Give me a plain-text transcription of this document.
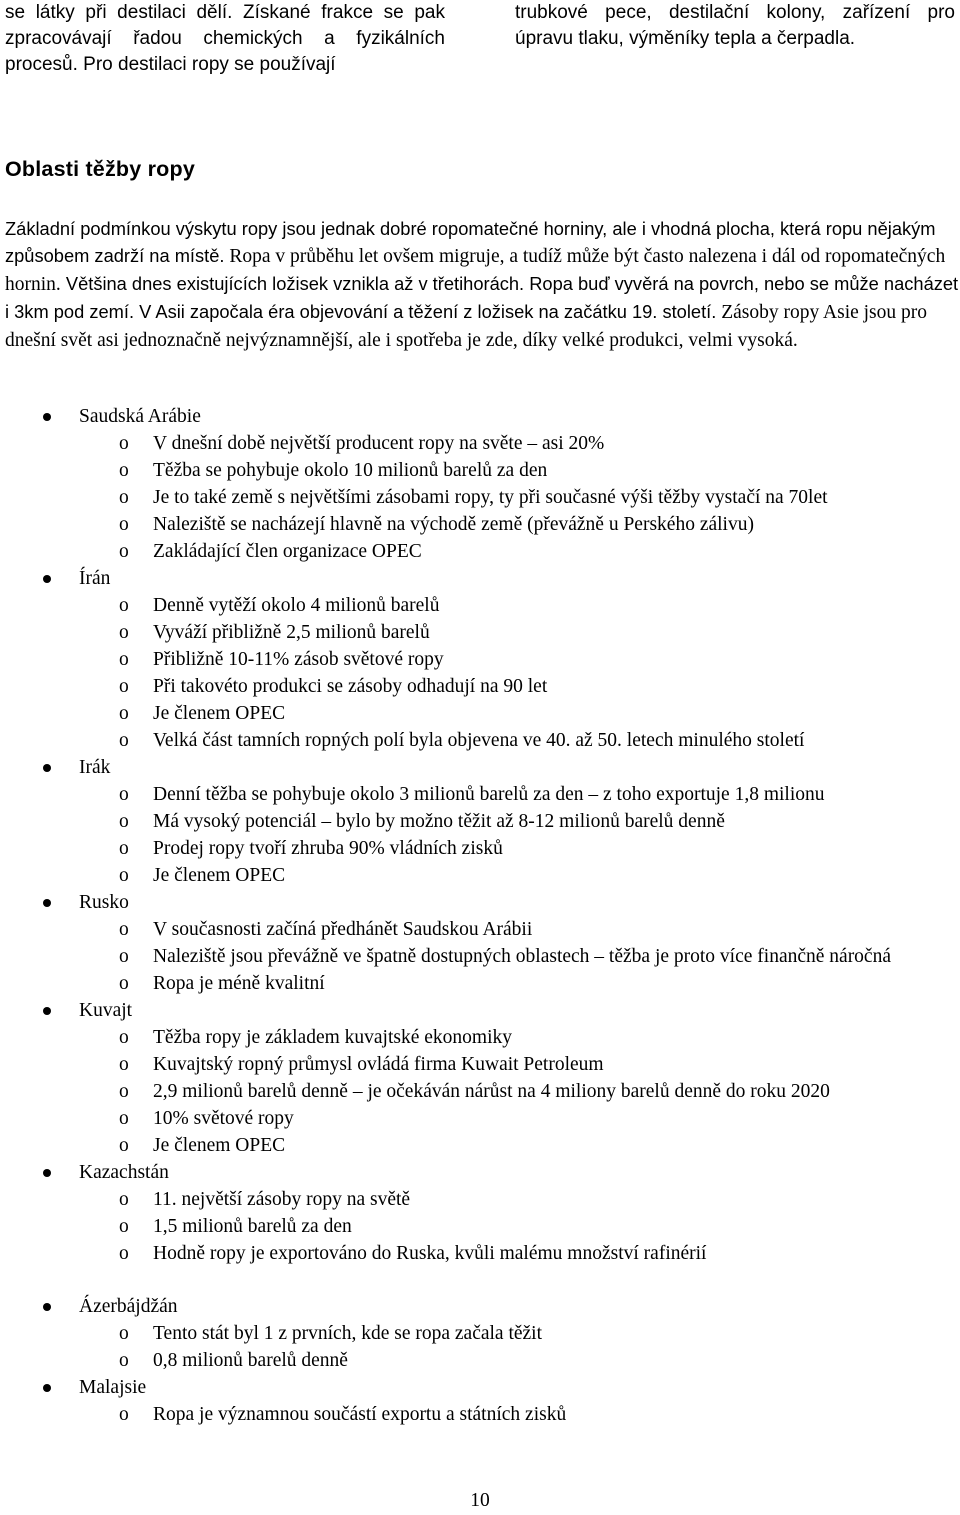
se látky při destilaci dělí. Získané frakce se pak zpracovávají řadou chemických a fyzikálních procesů. Pro destilaci ropy se používají
trubkové pece, destilační kolony, zařízení pro úpravu tlaku, výměníky tepla a čerpadla.
Oblasti těžby ropy
Základní podmínkou výskytu ropy jsou jednak dobré ropomatečné horniny, ale i vhodná plocha, která ropu nějakým způsobem zadrží na místě. Ropa v průběhu let ovšem migruje, a tudíž může být často nalezena i dál od ropomatečných hornin. Většina dnes existujících ložisek vznikla až v třetihorách. Ropa buď vyvěrá na povrch, nebo se může nacházet i 3km pod zemí. V Asii započala éra objevování a těžení z ložisek na začátku 19. století. Zásoby ropy Asie jsou pro dnešní svět asi jednoznačně nejvýznamnější, ale i spotřeba je zde, díky velké produkci, velmi vysoká.
Saudská Arábie
o V dnešní době největší producent ropy na světe – asi 20%
o Těžba se pohybuje okolo 10 milionů barelů za den
o Je to také země s největšími zásobami ropy, ty při současné výši těžby vystačí na 70let
o Naleziště se nacházejí hlavně na východě země (převážně u Perského zálivu)
o Zakládající člen organizace OPEC
Írán
o Denně vytěží okolo 4 milionů barelů
o Vyváží přibližně 2,5 milionů barelů
o Přibližně 10-11% zásob světové ropy
o Při takovéto produkci se zásoby odhadují na 90 let
o Je členem OPEC
o Velká část tamních ropných polí byla objevena ve 40. až 50. letech minulého století
Irák
o Denní těžba se pohybuje okolo 3 milionů barelů za den – z toho exportuje 1,8 milionu
o Má vysoký potenciál – bylo by možno těžit až 8-12 milionů barelů denně
o Prodej ropy tvoří zhruba 90% vládních zisků
o Je členem OPEC
Rusko
o V současnosti začíná předhánět Saudskou Arábii
o Naleziště jsou převážně ve špatně dostupných oblastech – těžba je proto více finančně náročná
o Ropa je méně kvalitní
Kuvajt
o Těžba ropy je základem kuvajtské ekonomiky
o Kuvajtský ropný průmysl ovládá firma Kuwait Petroleum
o 2,9 milionů barelů denně – je očekáván nárůst na 4 miliony barelů denně do roku 2020
o 10% světové ropy
o Je členem OPEC
Kazachstán
o 11. největší zásoby ropy na světě
o 1,5 milionů barelů za den
o Hodně ropy je exportováno do Ruska, kvůli malému množství rafinérií
Ázerbájdžán
o Tento stát byl 1 z prvních, kde se ropa začala těžit
o 0,8 milionů barelů denně
Malajsie
o Ropa je významnou součástí exportu a státních zisků
10
